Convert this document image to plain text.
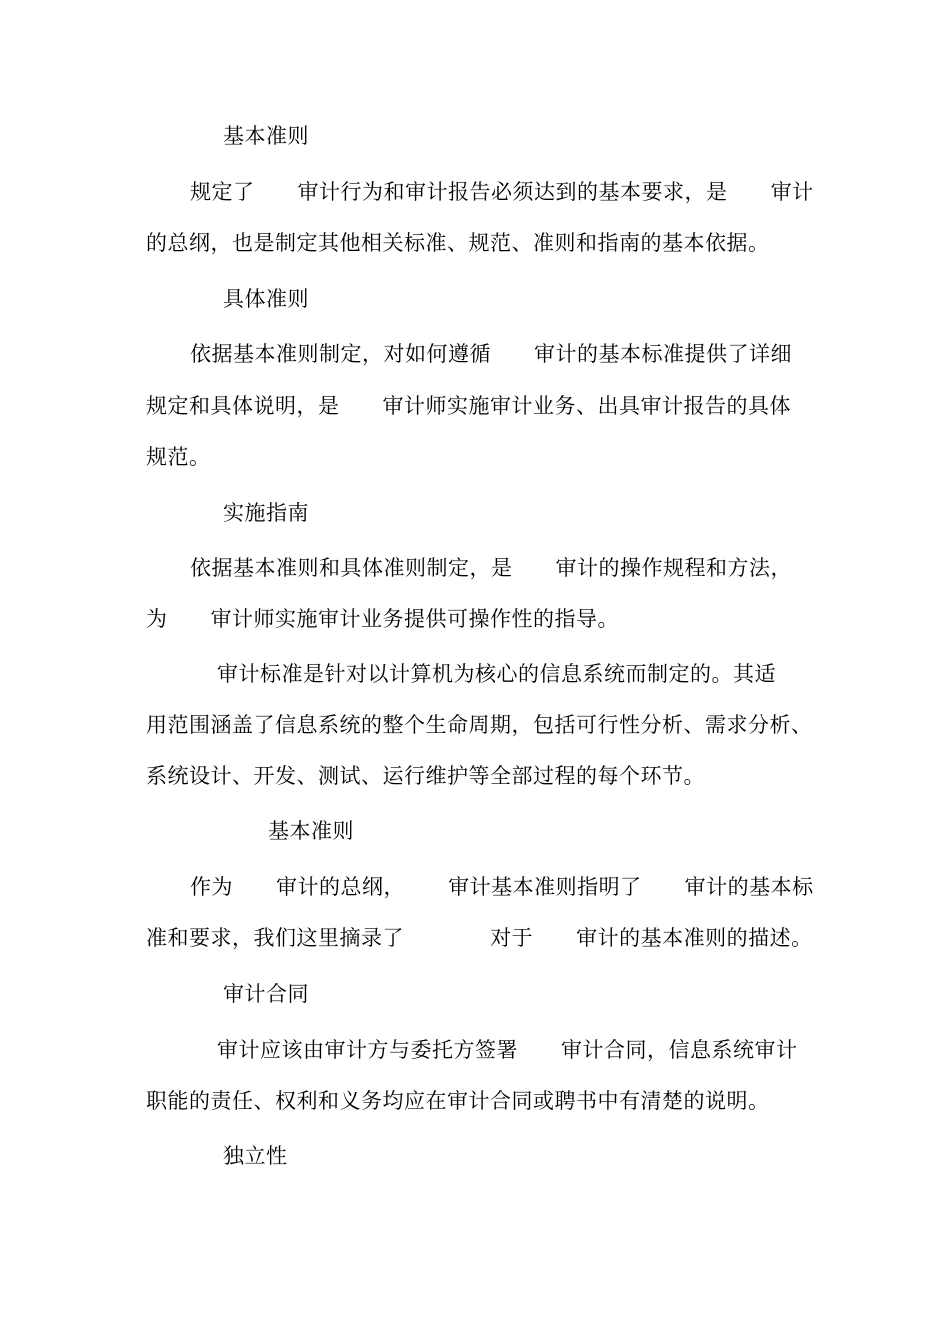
基本准则
规定了      审计行为和审计报告必须达到的基本要求，是      审计
的总纲，也是制定其他相关标准、规范、准则和指南的基本依据。
具体准则
依据基本准则制定，对如何遵循      审计的基本标准提供了详细
规定和具体说明，是      审计师实施审计业务、出具审计报告的具体
规范。
实施指南
依据基本准则和具体准则制定，是      审计的操作规程和方法，
为      审计师实施审计业务提供可操作性的指导。
审计标准是针对以计算机为核心的信息系统而制定的。其适
用范围涵盖了信息系统的整个生命周期，包括可行性分析、需求分析、
系统设计、开发、测试、运行维护等全部过程的每个环节。
基本准则
作为      审计的总纲，      审计基本准则指明了      审计的基本标
准和要求，我们这里摘录了            对于      审计的基本准则的描述。
审计合同
审计应该由审计方与委托方签署      审计合同，信息系统审计
职能的责任、权利和义务均应在审计合同或聘书中有清楚的说明。
独立性
